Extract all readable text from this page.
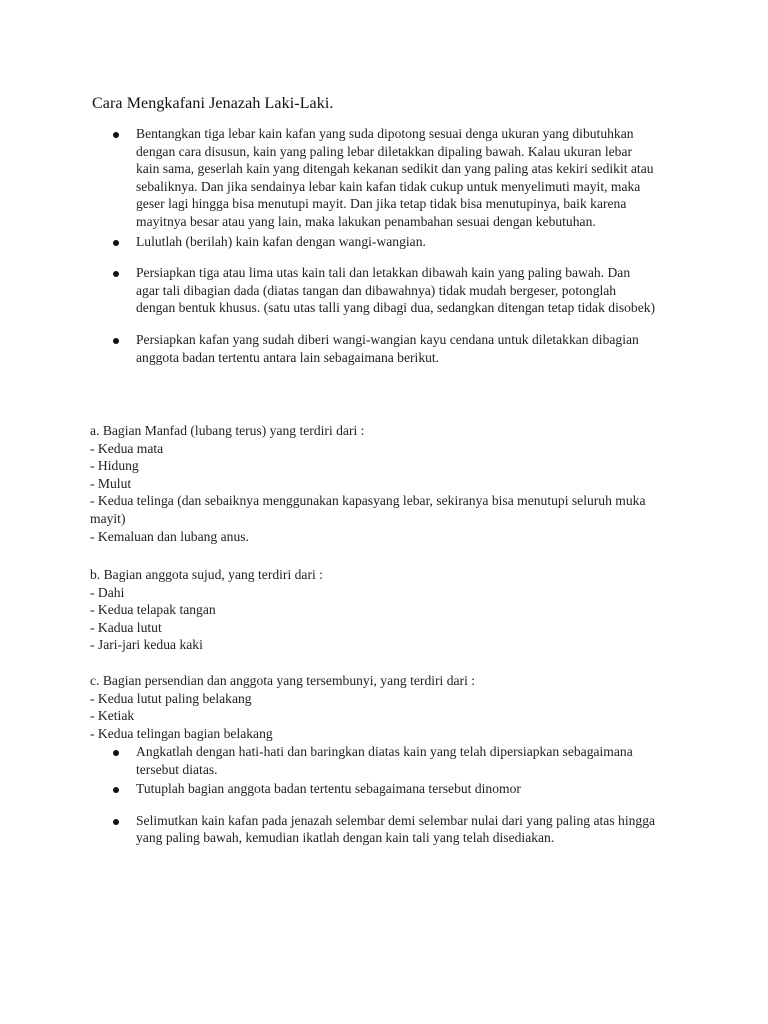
Cara Mengkafani Jenazah Laki-Laki.
Bentangkan tiga lebar kain kafan yang suda dipotong sesuai denga ukuran yang dibutuhkan dengan cara disusun, kain yang paling lebar diletakkan dipaling bawah. Kalau ukuran lebar kain sama, geserlah kain yang ditengah kekanan sedikit dan yang paling atas kekiri sedikit atau sebaliknya. Dan jika sendainya lebar kain kafan tidak cukup untuk menyelimuti mayit, maka geser lagi hingga bisa menutupi mayit. Dan jika tetap tidak bisa menutupinya, baik karena mayitnya besar atau yang lain, maka lakukan penambahan sesuai dengan kebutuhan.
Lulutlah (berilah) kain kafan dengan wangi-wangian.
Persiapkan tiga atau lima utas kain tali dan letakkan dibawah kain yang paling bawah. Dan agar tali dibagian dada (diatas tangan dan dibawahnya) tidak mudah bergeser, potonglah dengan bentuk khusus. (satu utas talli yang dibagi dua, sedangkan ditengan tetap tidak disobek)
Persiapkan kafan yang sudah diberi wangi-wangian kayu cendana untuk diletakkan dibagian anggota badan tertentu antara lain sebagaimana berikut.
a. Bagian Manfad (lubang terus) yang terdiri dari :
- Kedua mata
- Hidung
- Mulut
- Kedua telinga (dan sebaiknya menggunakan kapasyang lebar, sekiranya bisa menutupi seluruh muka mayit)
- Kemaluan dan lubang anus.
b. Bagian anggota sujud, yang terdiri dari :
- Dahi
- Kedua telapak tangan
- Kadua lutut
- Jari-jari kedua kaki
c. Bagian persendian dan anggota yang tersembunyi, yang terdiri dari :
- Kedua lutut paling belakang
- Ketiak
- Kedua telingan bagian belakang
Angkatlah dengan hati-hati dan baringkan diatas kain yang telah dipersiapkan sebagaimana tersebut diatas.
Tutuplah bagian anggota badan tertentu sebagaimana tersebut dinomor
Selimutkan kain kafan pada jenazah selembar demi selembar nulai dari yang paling atas hingga yang paling bawah, kemudian ikatlah dengan kain tali yang telah disediakan.
